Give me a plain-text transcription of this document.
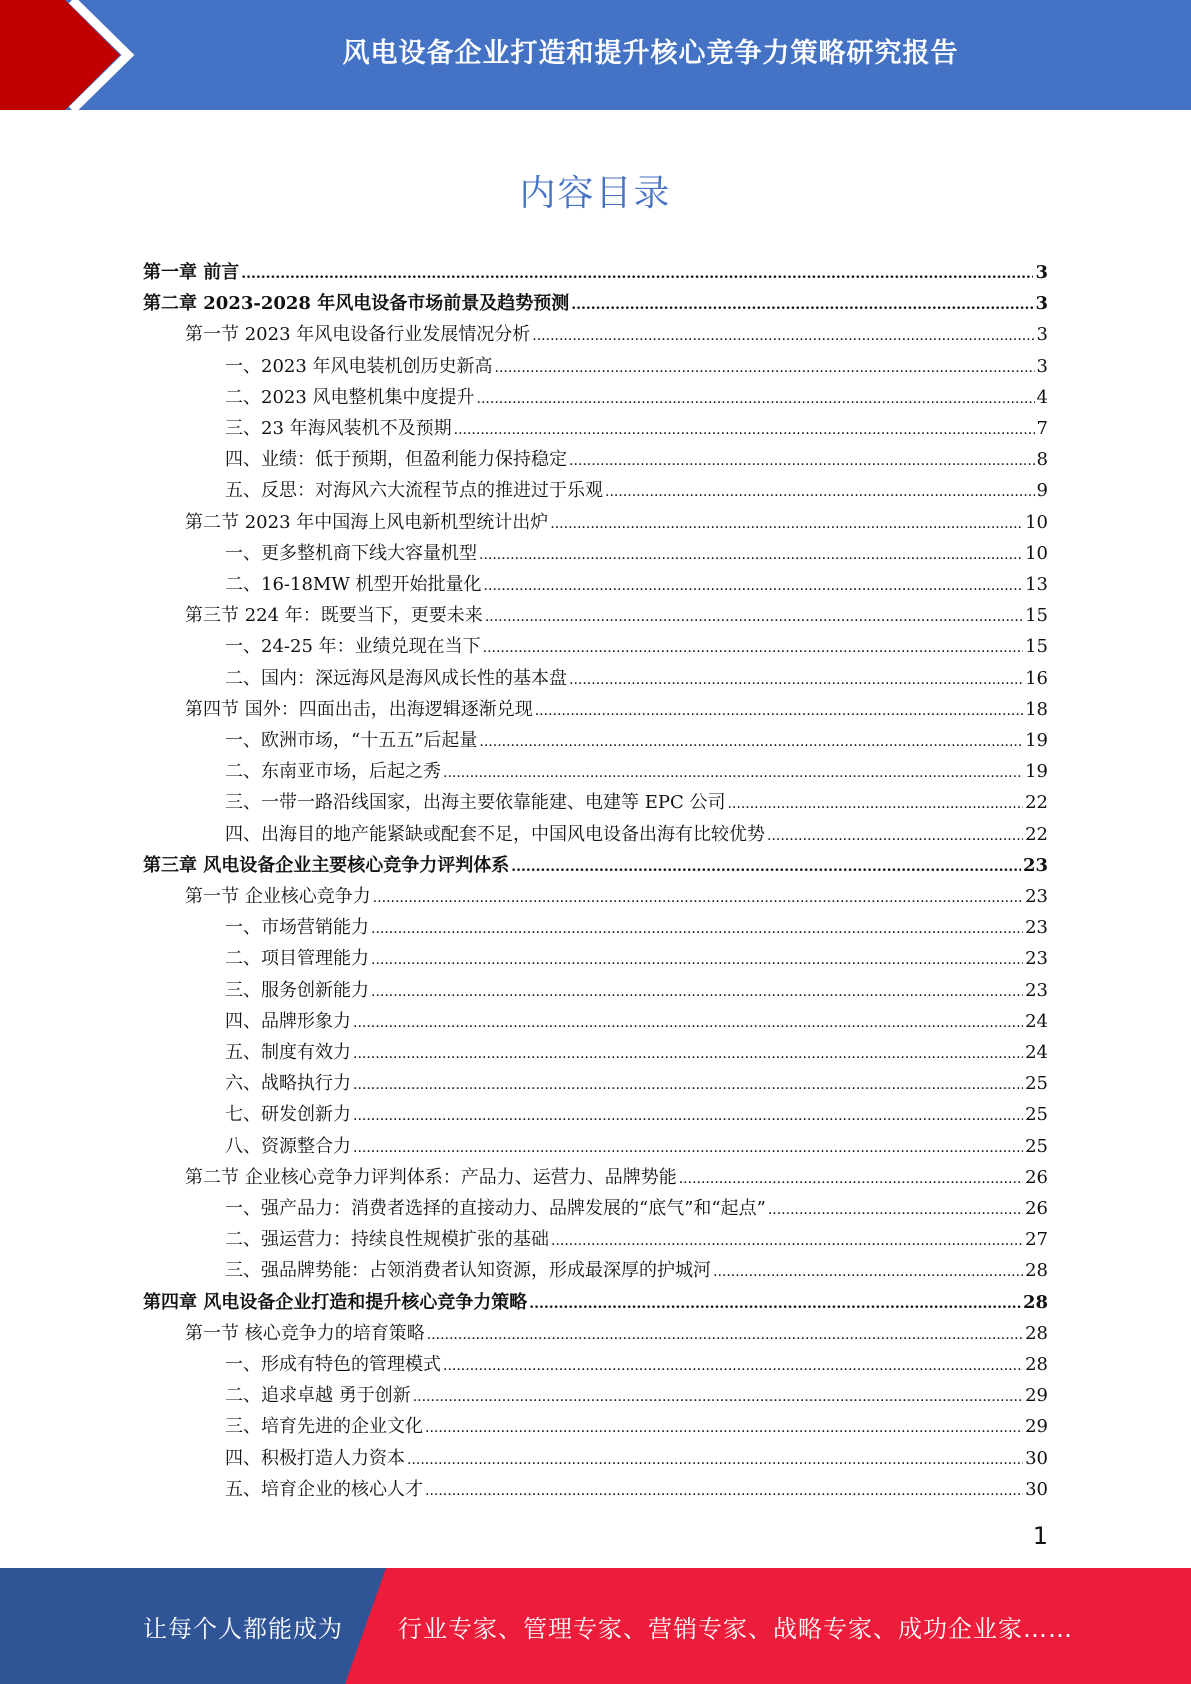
风电设备企业打造和提升核心竞争力策略研究报告
内容目录
第一章 前言 .....	3
第二章 2023-2028 年风电设备市场前景及趋势预测 .....	3
第一节 2023 年风电设备行业发展情况分析 .....	3
一、2023 年风电装机创历史新高 .....	3
二、2023 风电整机集中度提升 .....	4
三、23 年海风装机不及预期 .....	7
四、业绩：低于预期，但盈利能力保持稳定 .....	8
五、反思：对海风六大流程节点的推进过于乐观 .....	9
第二节 2023 年中国海上风电新机型统计出炉 .....	10
一、更多整机商下线大容量机型 .....	10
二、16-18MW 机型开始批量化 .....	13
第三节 224 年：既要当下，更要未来 .....	15
一、24-25 年：业绩兑现在当下 .....	15
二、国内：深远海风是海风成长性的基本盘 .....	16
第四节 国外：四面出击，出海逻辑逐渐兑现 .....	18
一、欧洲市场，“十五五”后起量 .....	19
二、东南亚市场，后起之秀 .....	19
三、一带一路沿线国家，出海主要依靠能建、电建等 EPC 公司 .....	22
四、出海目的地产能紧缺或配套不足，中国风电设备出海有比较优势 .....	22
第三章 风电设备企业主要核心竞争力评判体系 .....	23
第一节 企业核心竞争力 .....	23
一、市场营销能力 .....	23
二、项目管理能力 .....	23
三、服务创新能力 .....	23
四、品牌形象力 .....	24
五、制度有效力 .....	24
六、战略执行力 .....	25
七、研发创新力 .....	25
八、资源整合力 .....	25
第二节 企业核心竞争力评判体系：产品力、运营力、品牌势能 .....	26
一、强产品力：消费者选择的直接动力、品牌发展的“底气”和“起点” .....	26
二、强运营力：持续良性规模扩张的基础 .....	27
三、强品牌势能：占领消费者认知资源，形成最深厚的护城河 .....	28
第四章 风电设备企业打造和提升核心竞争力策略 .....	28
第一节 核心竞争力的培育策略 .....	28
一、形成有特色的管理模式 .....	28
二、追求卓越 勇于创新 .....	29
三、培育先进的企业文化 .....	29
四、积极打造人力资本 .....	30
五、培育企业的核心人才 .....	30
1
让每个人都能成为 行业专家、管理专家、营销专家、战略专家、成功企业家……
